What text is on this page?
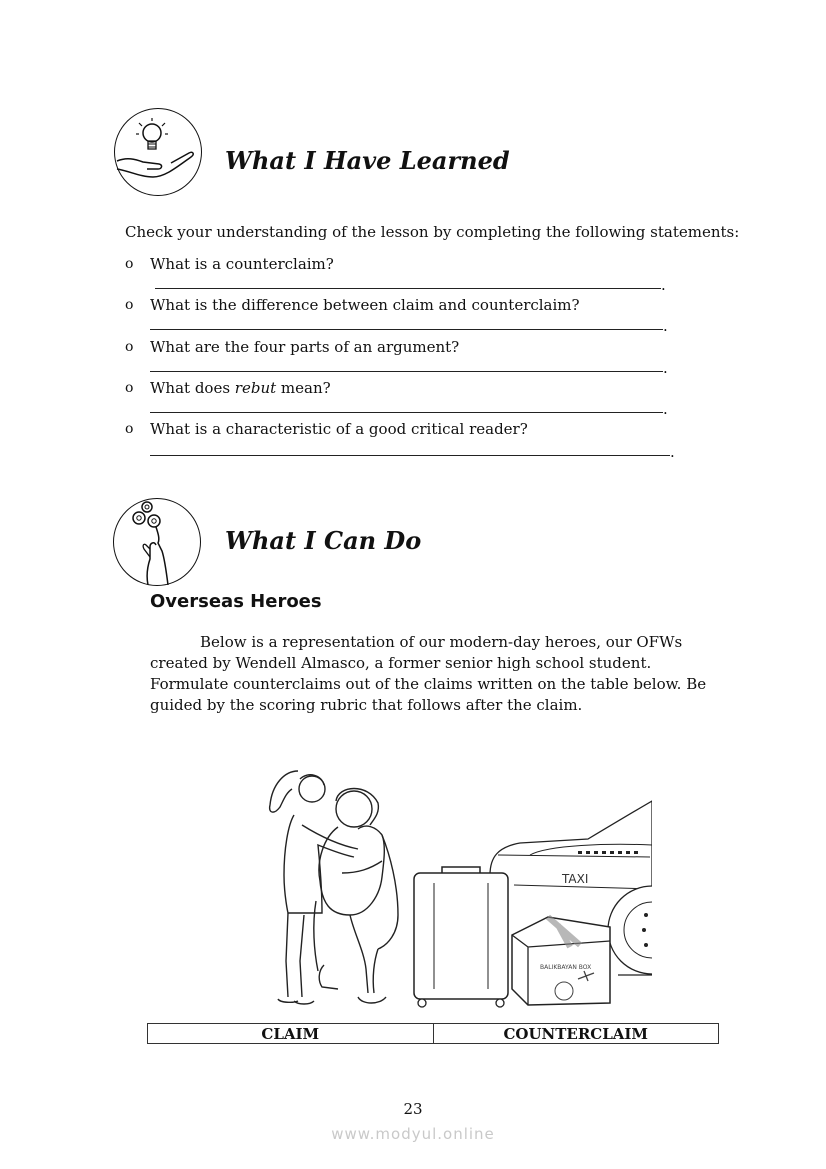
What I Have Learned
Check your understanding of the lesson by completing the following statements:
o What is a counterclaim?
.
o What is the difference between claim and counterclaim?
.
o What are the four parts of an argument?
.
o What does rebut mean?
.
o What is a characteristic of a good critical reader?
.
What I Can Do
Overseas Heroes
Below is a representation of our modern-day heroes, our OFWs created by Wendell Almasco, a former senior high school student. Formulate counterclaims out of the claims written on the table below. Be guided by the scoring rubric that follows after the claim.
TAXI
BALIKBAYAN BOX
CLAIM	COUNTERCLAIM
23
www.modyul.online
